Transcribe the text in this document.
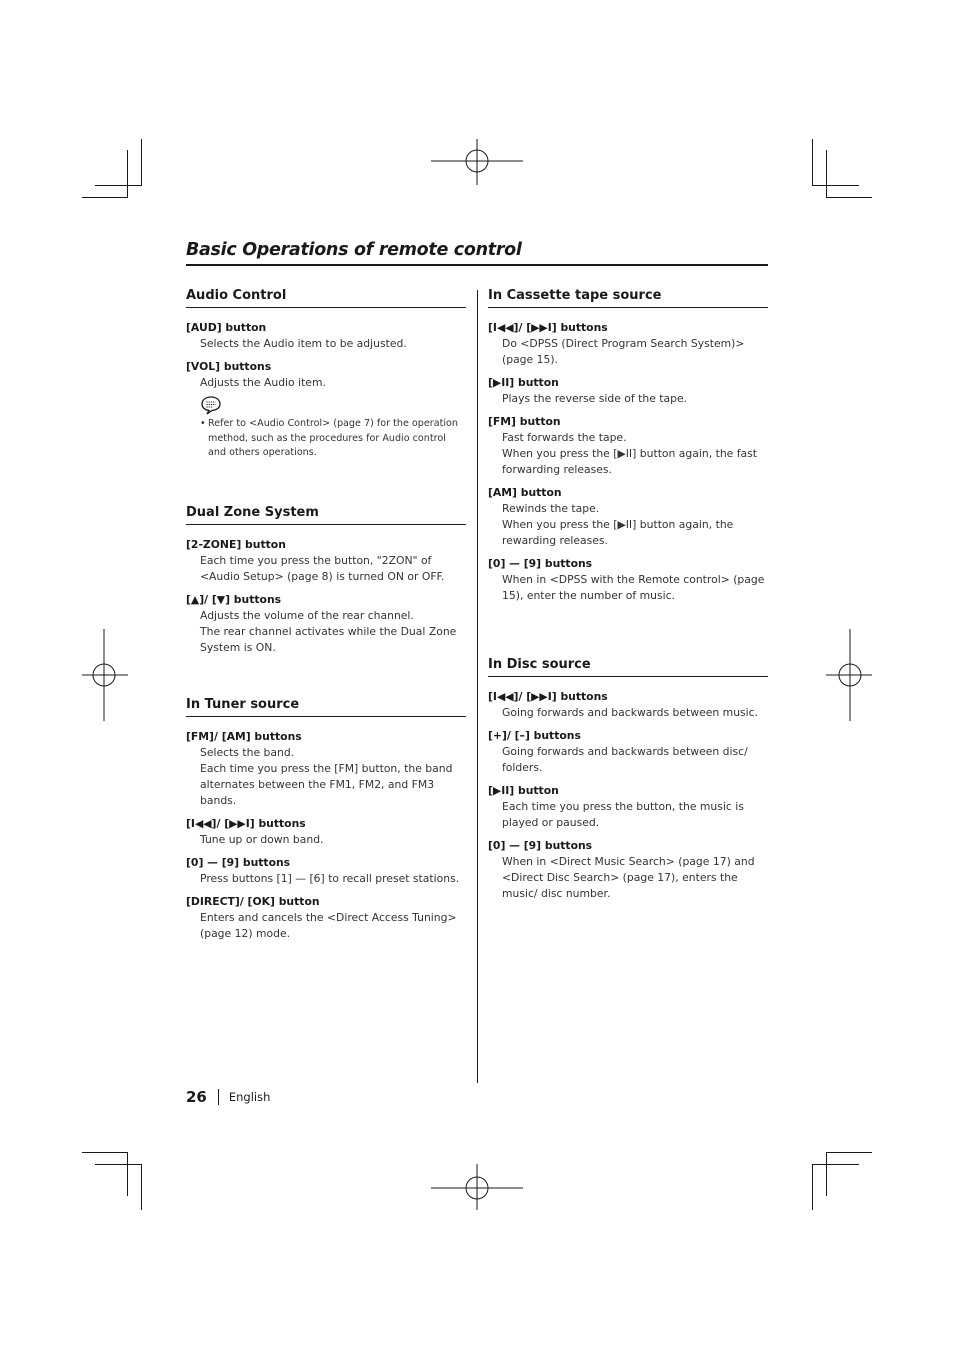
Basic Operations of remote control
Audio Control
[AUD] button
Selects the Audio item to be adjusted.
[VOL] buttons
Adjusts the Audio item.
• Refer to <Audio Control> (page 7) for the operation method, such as the procedures for Audio control and others operations.
Dual Zone System
[2-ZONE] button
Each time you press the button, "2ZON" of <Audio Setup> (page 8) is turned ON or OFF.
[▲]/ [▼] buttons
Adjusts the volume of the rear channel.
The rear channel activates while the Dual Zone System is ON.
In Tuner source
[FM]/ [AM] buttons
Selects the band.
Each time you press the [FM] button, the band alternates between the FM1, FM2, and FM3 bands.
[I◀◀]/ [▶▶I] buttons
Tune up or down band.
[0] — [9] buttons
Press buttons [1] — [6] to recall preset stations.
[DIRECT]/ [OK] button
Enters and cancels the <Direct Access Tuning> (page 12) mode.
In Cassette tape source
[I◀◀]/ [▶▶I] buttons
Do <DPSS (Direct Program Search System)> (page 15).
[▶II] button
Plays the reverse side of the tape.
[FM] button
Fast forwards the tape.
When you press the [▶II] button again, the fast forwarding releases.
[AM] button
Rewinds the tape.
When you press the [▶II] button again, the rewarding releases.
[0] — [9] buttons
When in <DPSS with the Remote control> (page 15), enter the number of music.
In Disc source
[I◀◀]/ [▶▶I] buttons
Going forwards and backwards between music.
[+]/ [–] buttons
Going forwards and backwards between disc/ folders.
[▶II] button
Each time you press the button, the music is played or paused.
[0] — [9] buttons
When in <Direct Music Search> (page 17) and <Direct Disc Search> (page 17), enters the music/ disc number.
26 English
